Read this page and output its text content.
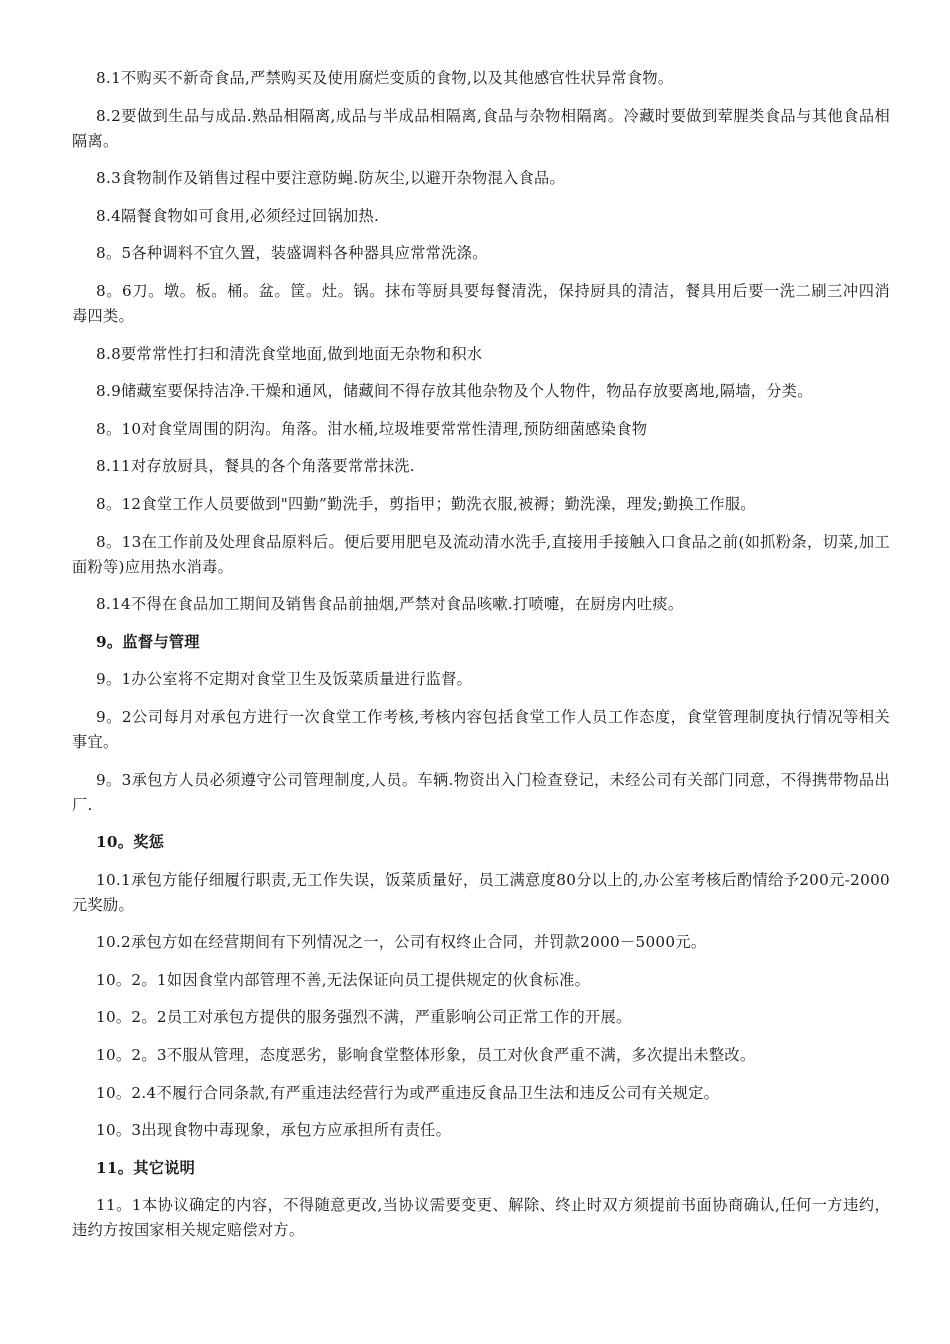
8.1不购买不新奇食品,严禁购买及使用腐烂变质的食物,以及其他感官性状异常食物。

8.2要做到生品与成品.熟品相隔离,成品与半成品相隔离,食品与杂物相隔离。冷藏时要做到荤腥类食品与其他食品相隔离。

8.3食物制作及销售过程中要注意防蝇.防灰尘,以避开杂物混入食品。

8.4隔餐食物如可食用,必须经过回锅加热.

8。5各种调料不宜久置，装盛调料各种器具应常常洗涤。

8。6刀。墩。板。桶。盆。筐。灶。锅。抹布等厨具要每餐清洗，保持厨具的清洁，餐具用后要一洗二刷三冲四消毒四类。

8.8要常常性打扫和清洗食堂地面,做到地面无杂物和积水

8.9储藏室要保持洁净.干燥和通风，储藏间不得存放其他杂物及个人物件，物品存放要离地,隔墙，分类。

8。10对食堂周围的阴沟。角落。泔水桶,垃圾堆要常常性清理,预防细菌感染食物

8.11对存放厨具，餐具的各个角落要常常抹洗.

8。12食堂工作人员要做到"四勤”勤洗手，剪指甲；勤洗衣服,被褥；勤洗澡，理发;勤换工作服。

8。13在工作前及处理食品原料后。便后要用肥皂及流动清水洗手,直接用手接触入口食品之前(如抓粉条，切菜,加工面粉等)应用热水消毒。

8.14不得在食品加工期间及销售食品前抽烟,严禁对食品咳嗽.打喷嚏，在厨房内吐痰。

9。监督与管理

9。1办公室将不定期对食堂卫生及饭菜质量进行监督。

9。2公司每月对承包方进行一次食堂工作考核,考核内容包括食堂工作人员工作态度，食堂管理制度执行情况等相关事宜。

9。3承包方人员必须遵守公司管理制度,人员。车辆.物资出入门检查登记，未经公司有关部门同意，不得携带物品出厂.

10。奖惩

10.1承包方能仔细履行职责,无工作失误，饭菜质量好，员工满意度80分以上的,办公室考核后酌情给予200元-2000元奖励。

10.2承包方如在经营期间有下列情况之一，公司有权终止合同，并罚款2000－5000元。

10。2。1如因食堂内部管理不善,无法保证向员工提供规定的伙食标准。

10。2。2员工对承包方提供的服务强烈不满，严重影响公司正常工作的开展。

10。2。3不服从管理，态度恶劣，影响食堂整体形象，员工对伙食严重不满，多次提出未整改。

10。2.4不履行合同条款,有严重违法经营行为或严重违反食品卫生法和违反公司有关规定。

10。3出现食物中毒现象，承包方应承担所有责任。

11。其它说明

11。1本协议确定的内容，不得随意更改,当协议需要变更、解除、终止时双方须提前书面协商确认,任何一方违约，违约方按国家相关规定赔偿对方。
